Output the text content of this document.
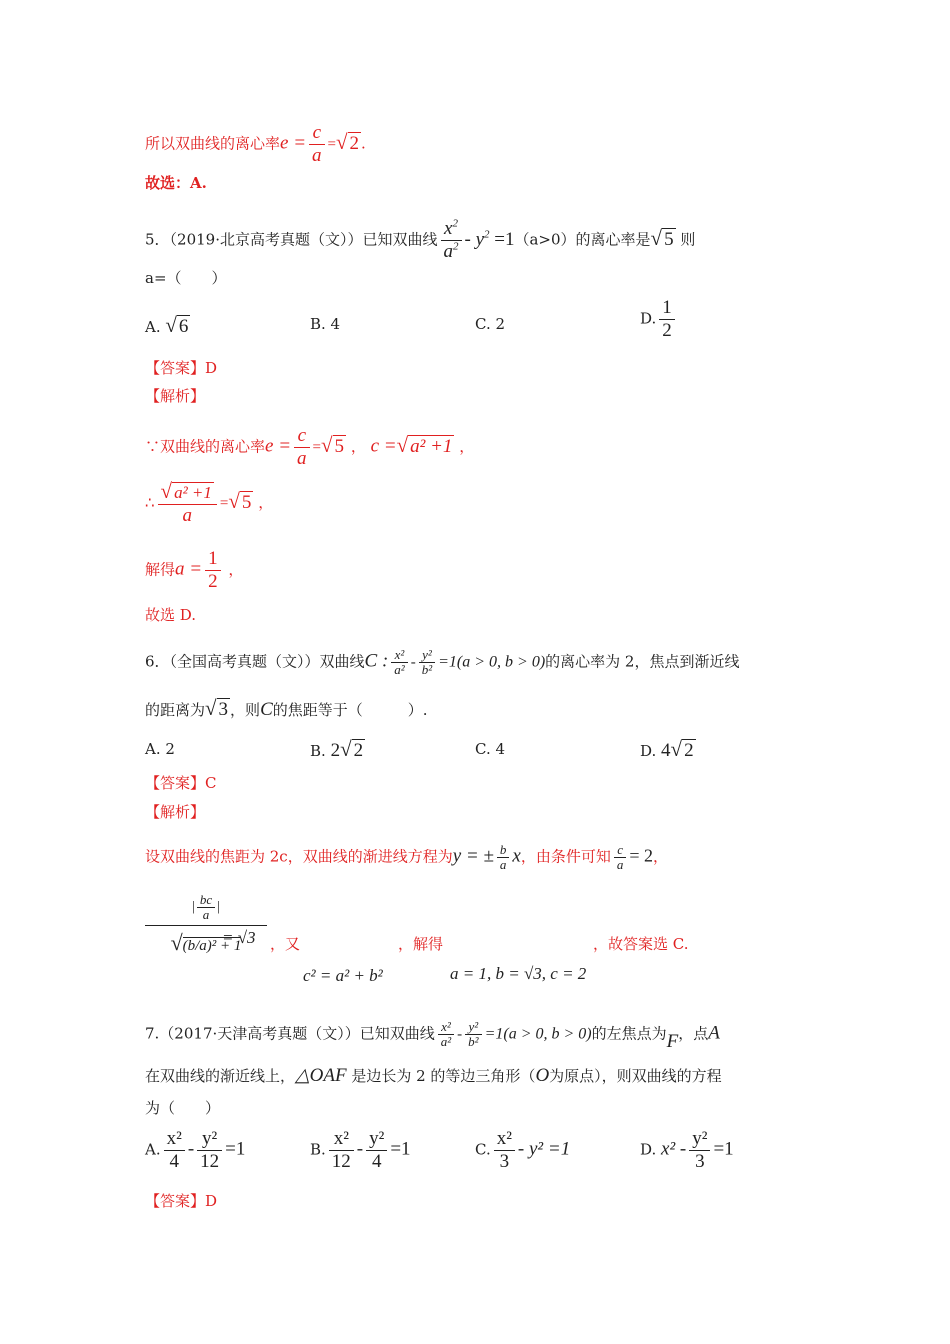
所以双曲线的离心率$e = \frac{c}{a}$ =√ 2 .
故选：A.
5．（2019·北京高考真题（文））已知双曲线 $\frac{x^2}{a^2} - y^2 =1(a>0)$的离心率是√ 5 则
a=（　　）
A. √ 6	B. 4	C. 2	D. $\frac{1}{2}$
【答案】D
【解析】
∵双曲线的离心率$e = \frac{c}{a}$ =√ 5 ， c =√ a² +1 ，
∴ $\frac{\text{√ a² +1}}{a}$ =√ 5 ，
解得$a = \frac{1}{2}$ ，
故选 D.
6．（全国高考真题（文））双曲线C : $\frac{\text{x²}}{\text{a²}} - \frac{\text{y²}}{\text{b²}} =1(a > 0$, b > 0)的离心率为 2，焦点到渐近线
的距离为√ 3 ，则C的焦距等于（　　　）.
A. 2	B. 2√ 2	C. 4	D. 4√ 2
【答案】C
【解析】
设双曲线的焦距为 2c，双曲线的渐进线方程为y = ± $\frac{b}{a}$ x，由条件可知 $\frac{c}{a} = 2$，
| $\frac{bc}{a}$ |
√(b/a)² + 1
= √3 ，又	，解得	，故答案选 C.
c² = a² + b²	a = 1, b = √3, c = 2
7.（2017·天津高考真题（文））已知双曲线 $\frac{\text{x²}}{\text{a²}} - \frac{\text{y²}}{\text{b²}} =1(a > 0$, b > 0)的左焦点为F，点A
在双曲线的渐近线上，△OAF 是边长为 2 的等边三角形（O为原点），则双曲线的方程
为（　　）
A. $\frac{\text{x²}}{4} - \frac{\text{y²}}{12} =1$	B. $\frac{\text{x²}}{12} - \frac{\text{y²}}{4} =1$	C. $\frac{\text{x²}}{3} - y^2 =1$	D. $x^2 - \frac{\text{y²}}{3} =1$
【答案】D
